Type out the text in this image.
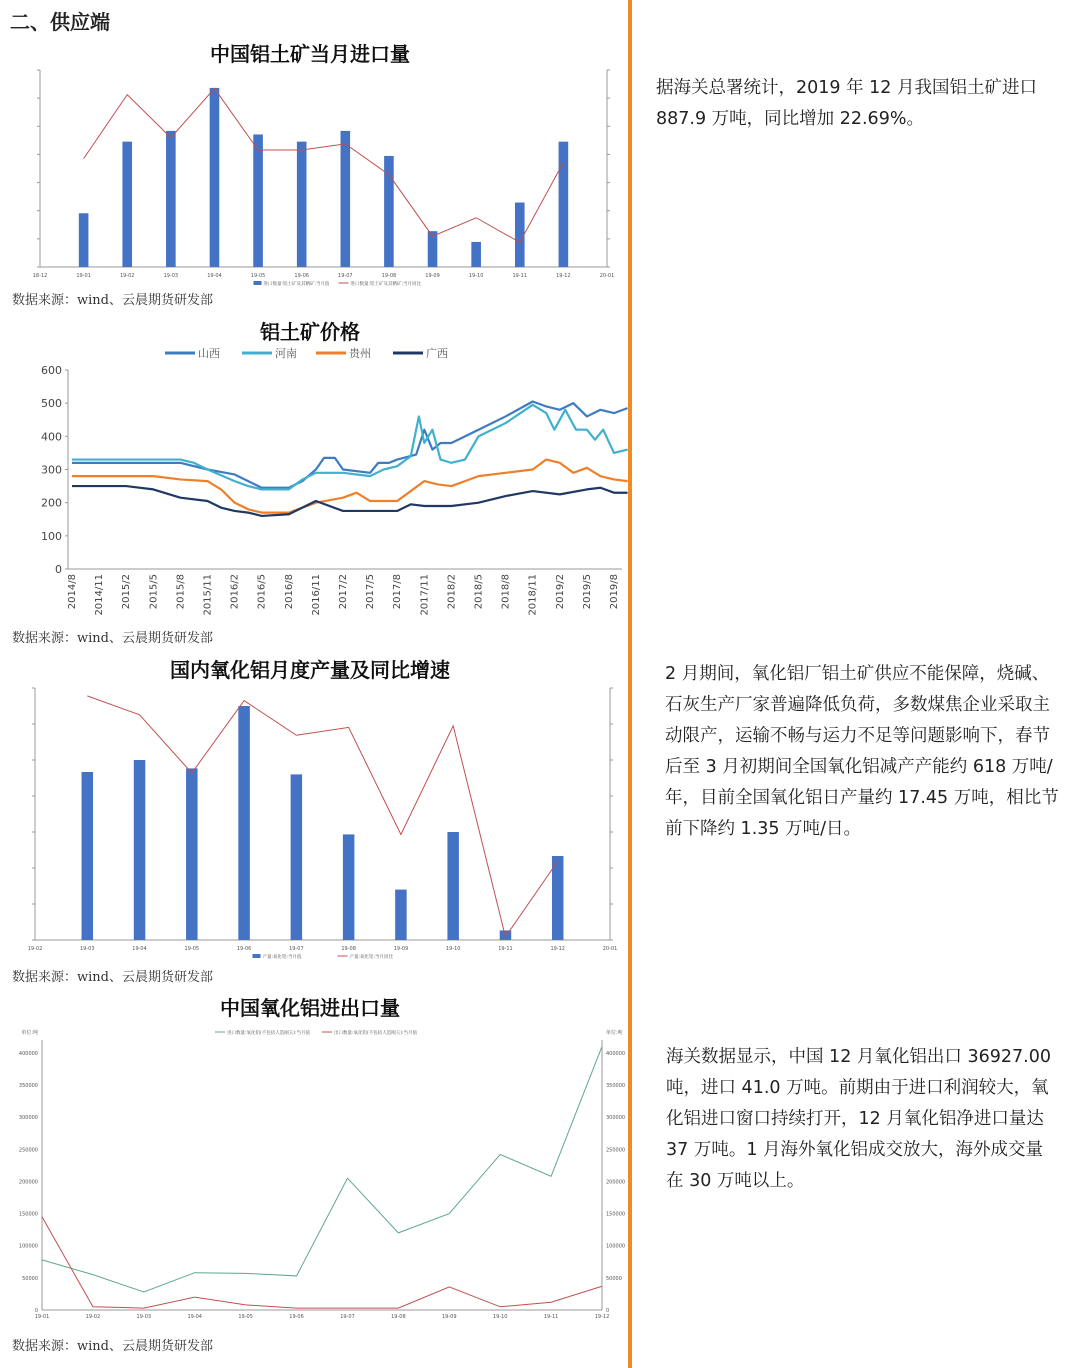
二、供应端
中国铝土矿当月进口量
19-01	19-02	19-03	19-04	19-05	19-06	19-07	19-08	19-09	19-10	19-11	19-12
18-12	20-01
进口数量:铝土矿及其精矿:当月值	进口数量:铝土矿及其精矿:当月同比
数据来源：wind、云晨期货研发部
铝土矿价格
0
100
200
300
400
500
600
2014/8 2014/11 2015/2 2015/5 2015/8 2015/11 2016/2 2016/5 2016/8 2016/11 2017/2 2017/5 2017/8 2017/11 2018/2 2018/5 2018/8 2018/11 2019/2 2019/5 2019/8
山西	河南	贵州	广西
数据来源：wind、云晨期货研发部
国内氧化铝月度产量及同比增速
19-03	19-04	19-05	19-06	19-07	19-08	19-09	19-10	19-11	19-12
19-02	20-01
产量:氧化铝:当月值	产量:氧化铝:当月同比
数据来源：wind、云晨期货研发部
中国氧化铝进出口量
0	0
50000	50000
100000	100000
150000	150000
200000	200000
250000	250000
300000	300000
350000	350000
400000	400000
单位:吨	单位:吨
19-01	19-02	19-03	19-04	19-05	19-06	19-07	19-08	19-09	19-10	19-11	19-12
进口数量:氧化铝(不包括人造刚玉):当月值	出口数量:氧化铝(不包括人造刚玉):当月值
数据来源：wind、云晨期货研发部
据海关总署统计，2019 年 12 月我国铝土矿进口 887.9 万吨，同比增加 22.69%。
2 月期间，氧化铝厂铝土矿供应不能保障，烧碱、石灰生产厂家普遍降低负荷，多数煤焦企业采取主动限产，运输不畅与运力不足等问题影响下，春节后至 3 月初期间全国氧化铝减产产能约 618 万吨/年，目前全国氧化铝日产量约 17.45 万吨，相比节前下降约 1.35 万吨/日。
海关数据显示，中国 12 月氧化铝出口 36927.00 吨，进口 41.0 万吨。前期由于进口利润较大，氧化铝进口窗口持续打开，12 月氧化铝净进口量达 37 万吨。1 月海外氧化铝成交放大，海外成交量在 30 万吨以上。
